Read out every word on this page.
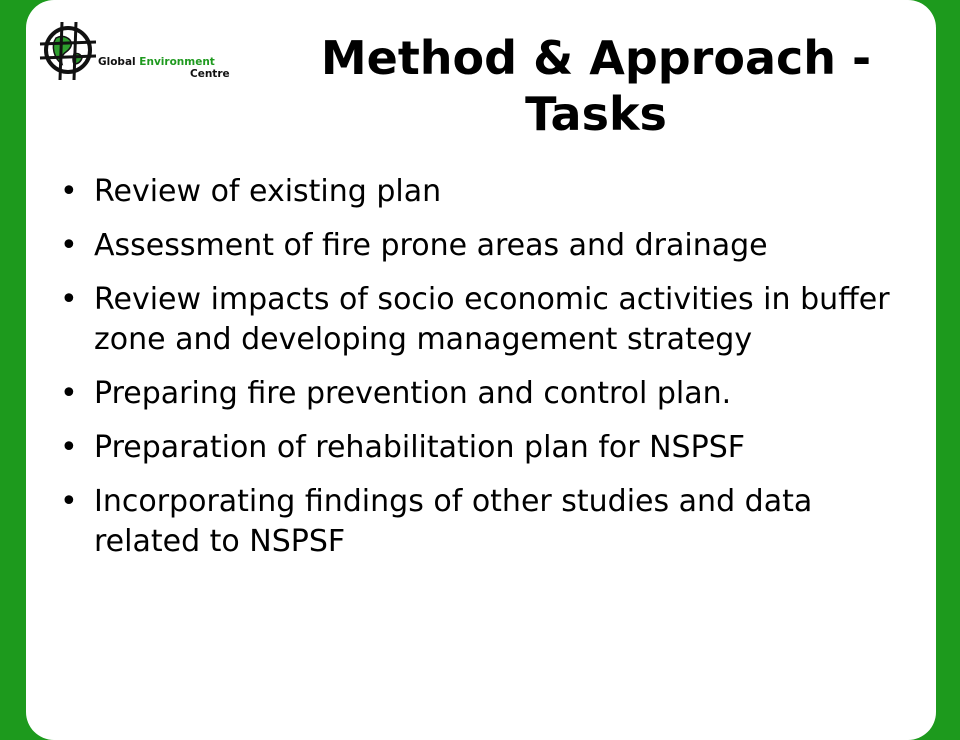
Global Environment
Centre	Method & Approach - Tasks
• Review of existing plan
• Assessment of fire prone areas and drainage
• Review impacts of socio economic activities in buffer zone and developing management strategy
• Preparing fire prevention and control plan.
• Preparation of rehabilitation plan for NSPSF
• Incorporating findings of other studies and data related to NSPSF
